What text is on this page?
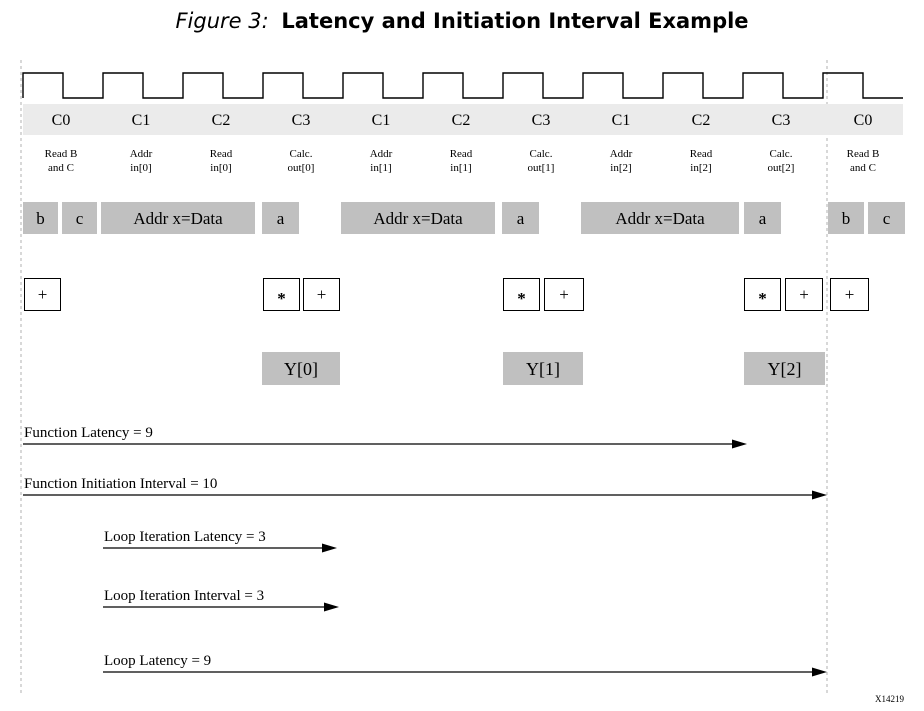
Figure 3: Latency and Initiation Interval Example
C0	C1	C2	C3	C1	C2	C3	C1	C2	C3	C0
Read B
and C
Addr
in[0]
Read
in[0]
Calc.
out[0]
Addr
in[1]
Read
in[1]
Calc.
out[1]
Addr
in[2]
Read
in[2]
Calc.
out[2]
Read B
and C
b c	Addr x=Data	a	Addr x=Data	a	Addr x=Data	a	b c
+	* +	* +	* + +
Y[0]	Y[1]	Y[2]
Function Latency = 9
Function Initiation Interval = 10
Loop Iteration Latency = 3
Loop Iteration Interval = 3
Loop Latency = 9
X14219
